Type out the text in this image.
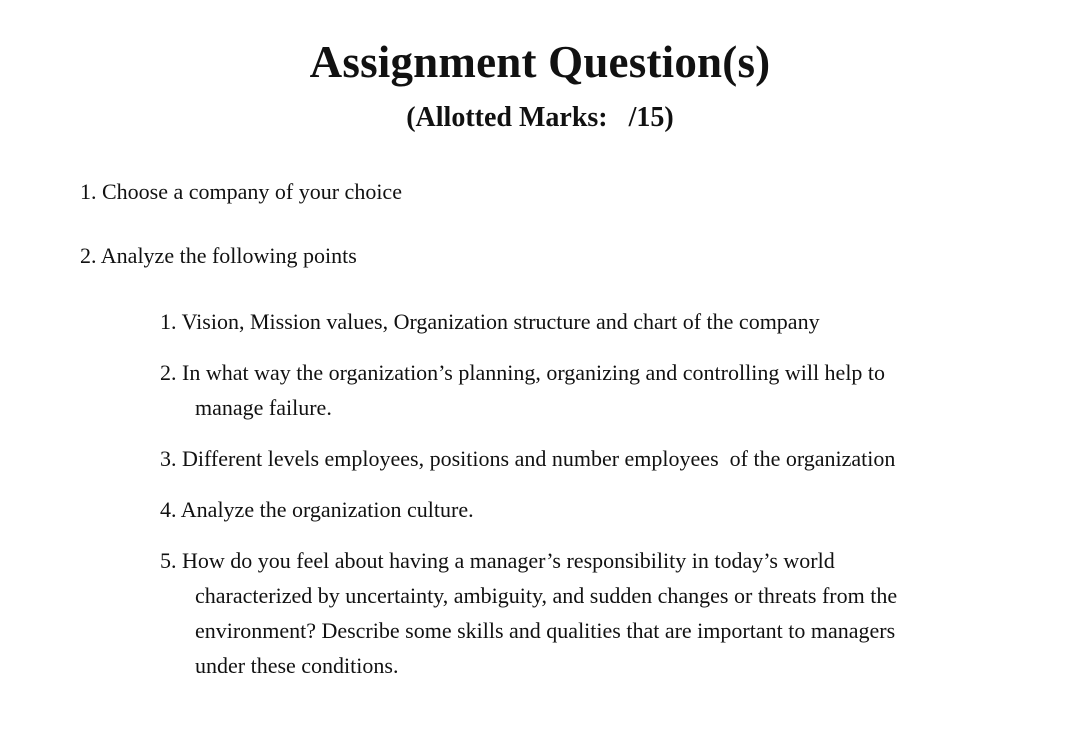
Assignment Question(s)
(Allotted Marks:   /15)
1. Choose a company of your choice
2. Analyze the following points
1. Vision, Mission values, Organization structure and chart of the company
2. In what way the organization’s planning, organizing and controlling will help to
manage failure.
3. Different levels employees, positions and number employees  of the organization
4. Analyze the organization culture.
5. How do you feel about having a manager’s responsibility in today’s world
characterized by uncertainty, ambiguity, and sudden changes or threats from the
environment? Describe some skills and qualities that are important to managers
under these conditions.
